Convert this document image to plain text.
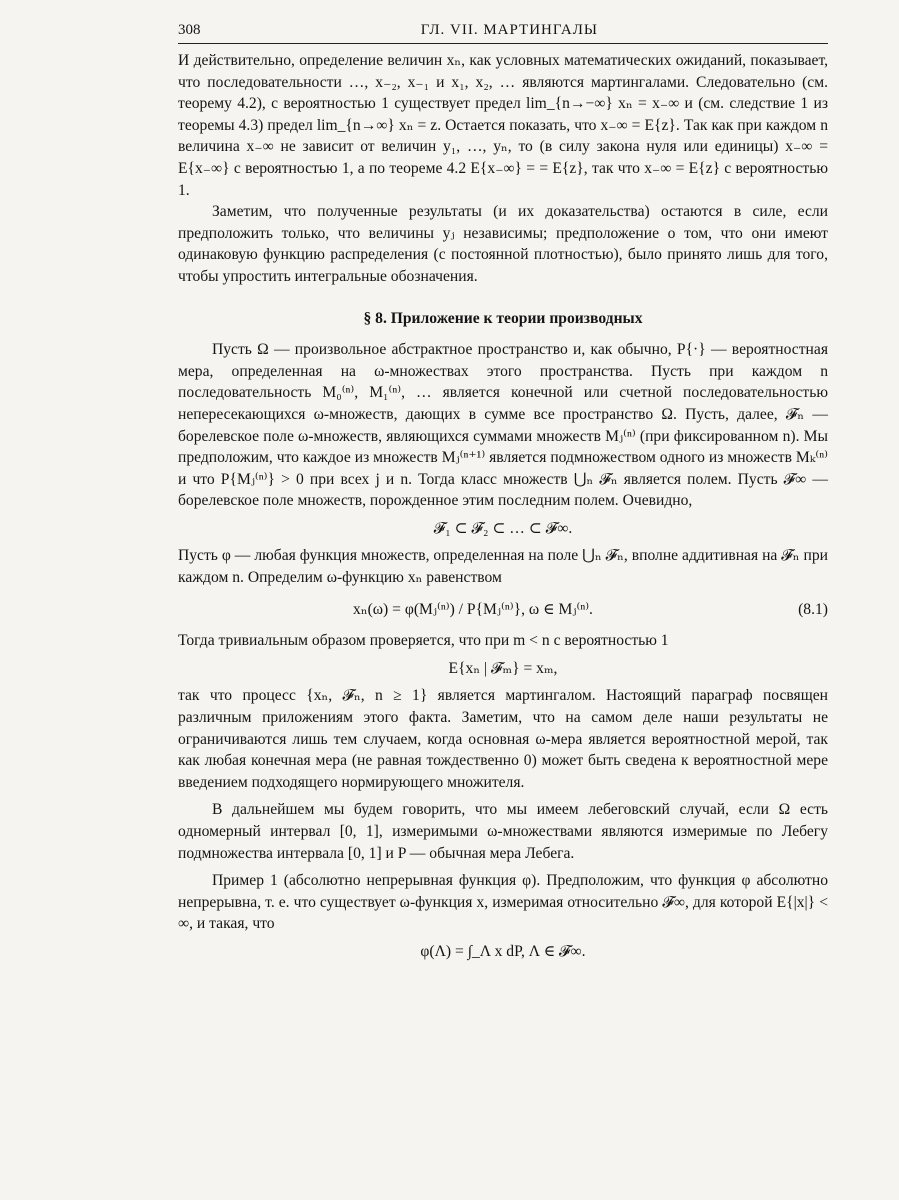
308	ГЛ. VII. МАРТИНГАЛЫ

И действительно, определение величин xₙ, как условных математических ожиданий, показывает, что последовательности …, x₋₂, x₋₁ и x₁, x₂, … являются мартингалами. Следовательно (см. теорему 4.2), с вероятностью 1 существует предел lim_{n→−∞} xₙ = x₋∞ и (см. следствие 1 из теоремы 4.3) предел lim_{n→∞} xₙ = z. Остается показать, что x₋∞ = E{z}. Так как при каждом n величина x₋∞ не зависит от величин y₁, …, yₙ, то (в силу закона нуля или единицы) x₋∞ = E{x₋∞} с вероятностью 1, а по теореме 4.2 E{x₋∞} = = E{z}, так что x₋∞ = E{z} с вероятностью 1.

Заметим, что полученные результаты (и их доказательства) остаются в силе, если предположить только, что величины yⱼ независимы; предположение о том, что они имеют одинаковую функцию распределения (с постоянной плотностью), было принято лишь для того, чтобы упростить интегральные обозначения.

§ 8. Приложение к теории производных

Пусть Ω — произвольное абстрактное пространство и, как обычно, P{·} — вероятностная мера, определенная на ω-множествах этого пространства. Пусть при каждом n последовательность M₀⁽ⁿ⁾, M₁⁽ⁿ⁾, … является конечной или счетной последовательностью непересекающихся ω-множеств, дающих в сумме все пространство Ω. Пусть, далее, 𝓕ₙ — борелевское поле ω-множеств, являющихся суммами множеств Mⱼ⁽ⁿ⁾ (при фиксированном n). Мы предположим, что каждое из множеств Mⱼ⁽ⁿ⁺¹⁾ является подмножеством одного из множеств Mₖ⁽ⁿ⁾ и что P{Mⱼ⁽ⁿ⁾} > 0 при всех j и n. Тогда класс множеств ⋃ₙ 𝓕ₙ является полем. Пусть 𝓕∞ — борелевское поле множеств, порожденное этим последним полем. Очевидно,

𝓕₁ ⊂ 𝓕₂ ⊂ … ⊂ 𝓕∞.

Пусть φ — любая функция множеств, определенная на поле ⋃ₙ 𝓕ₙ, вполне аддитивная на 𝓕ₙ при каждом n. Определим ω-функцию xₙ равенством

xₙ(ω) = φ(Mⱼ⁽ⁿ⁾) / P{Mⱼ⁽ⁿ⁾}, ω ∈ Mⱼ⁽ⁿ⁾.	(8.1)

Тогда тривиальным образом проверяется, что при m < n с вероятностью 1

E{xₙ | 𝓕ₘ} = xₘ,

так что процесс {xₙ, 𝓕ₙ, n ≥ 1} является мартингалом. Настоящий параграф посвящен различным приложениям этого факта. Заметим, что на самом деле наши результаты не ограничиваются лишь тем случаем, когда основная ω-мера является вероятностной мерой, так как любая конечная мера (не равная тождественно 0) может быть сведена к вероятностной мере введением подходящего нормирующего множителя.

В дальнейшем мы будем говорить, что мы имеем лебеговский случай, если Ω есть одномерный интервал [0, 1], измеримыми ω-множествами являются измеримые по Лебегу подмножества интервала [0, 1] и P — обычная мера Лебега.

Пример 1 (абсолютно непрерывная функция φ). Предположим, что функция φ абсолютно непрерывна, т. е. что существует ω-функция x, измеримая относительно 𝓕∞, для которой E{|x|} < ∞, и такая, что

φ(Λ) = ∫_Λ x dP, Λ ∈ 𝓕∞.
